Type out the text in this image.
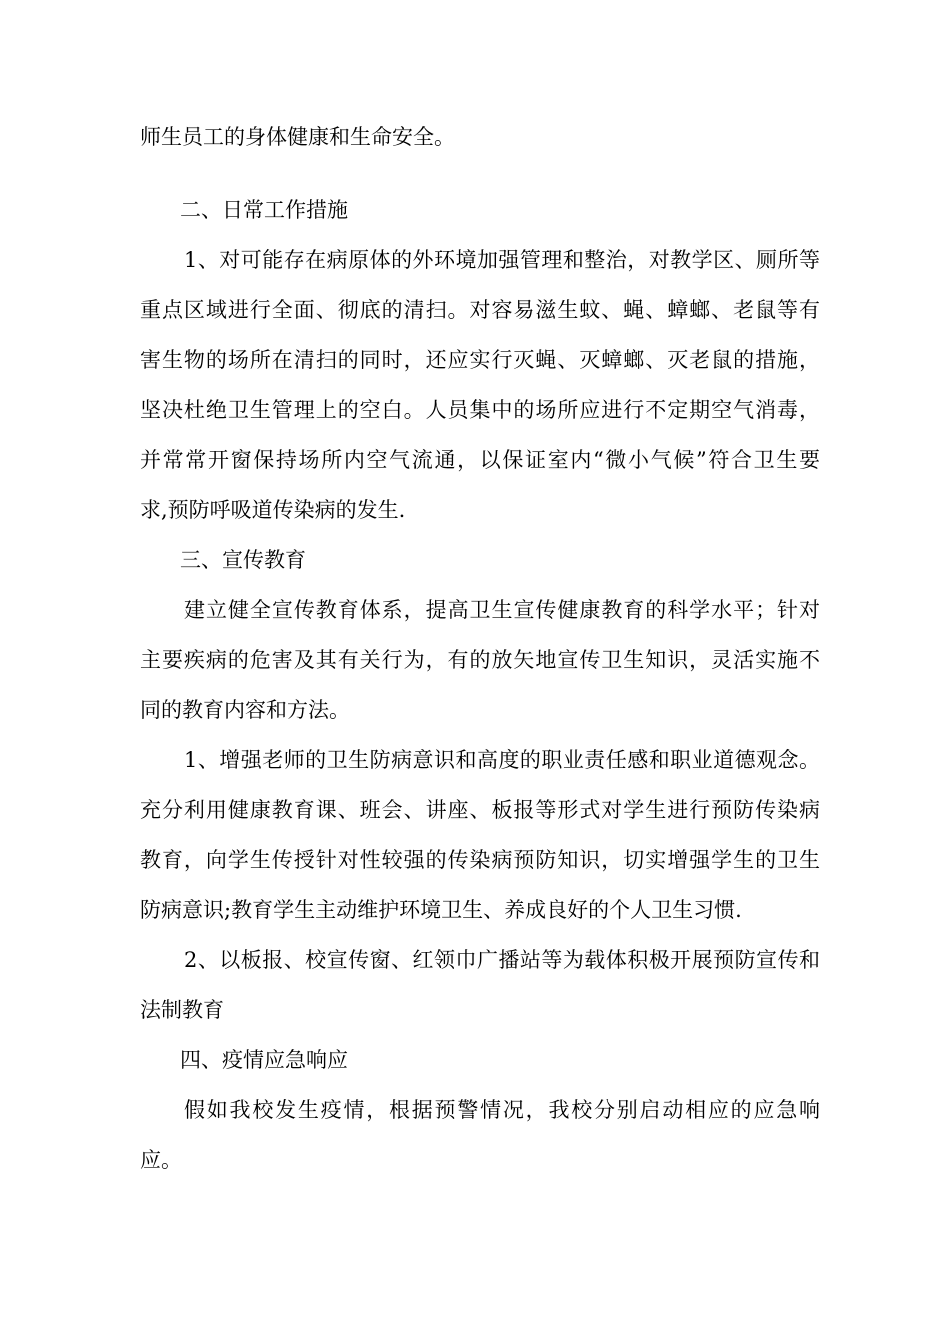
师生员工的身体健康和生命安全。
二、日常工作措施
1、对可能存在病原体的外环境加强管理和整治，对教学区、厕所等
重点区域进行全面、彻底的清扫。对容易滋生蚊、蝇、蟑螂、老鼠等有
害生物的场所在清扫的同时，还应实行灭蝇、灭蟑螂、灭老鼠的措施，
坚决杜绝卫生管理上的空白。人员集中的场所应进行不定期空气消毒，
并常常开窗保持场所内空气流通，以保证室内“微小气候”符合卫生要
求,预防呼吸道传染病的发生.
三、宣传教育
建立健全宣传教育体系，提高卫生宣传健康教育的科学水平；针对
主要疾病的危害及其有关行为，有的放矢地宣传卫生知识，灵活实施不
同的教育内容和方法。
1、增强老师的卫生防病意识和高度的职业责任感和职业道德观念。
充分利用健康教育课、班会、讲座、板报等形式对学生进行预防传染病
教育，向学生传授针对性较强的传染病预防知识，切实增强学生的卫生
防病意识;教育学生主动维护环境卫生、养成良好的个人卫生习惯.
2、以板报、校宣传窗、红领巾广播站等为载体积极开展预防宣传和
法制教育
四、疫情应急响应
假如我校发生疫情，根据预警情况，我校分别启动相应的应急响
应。
